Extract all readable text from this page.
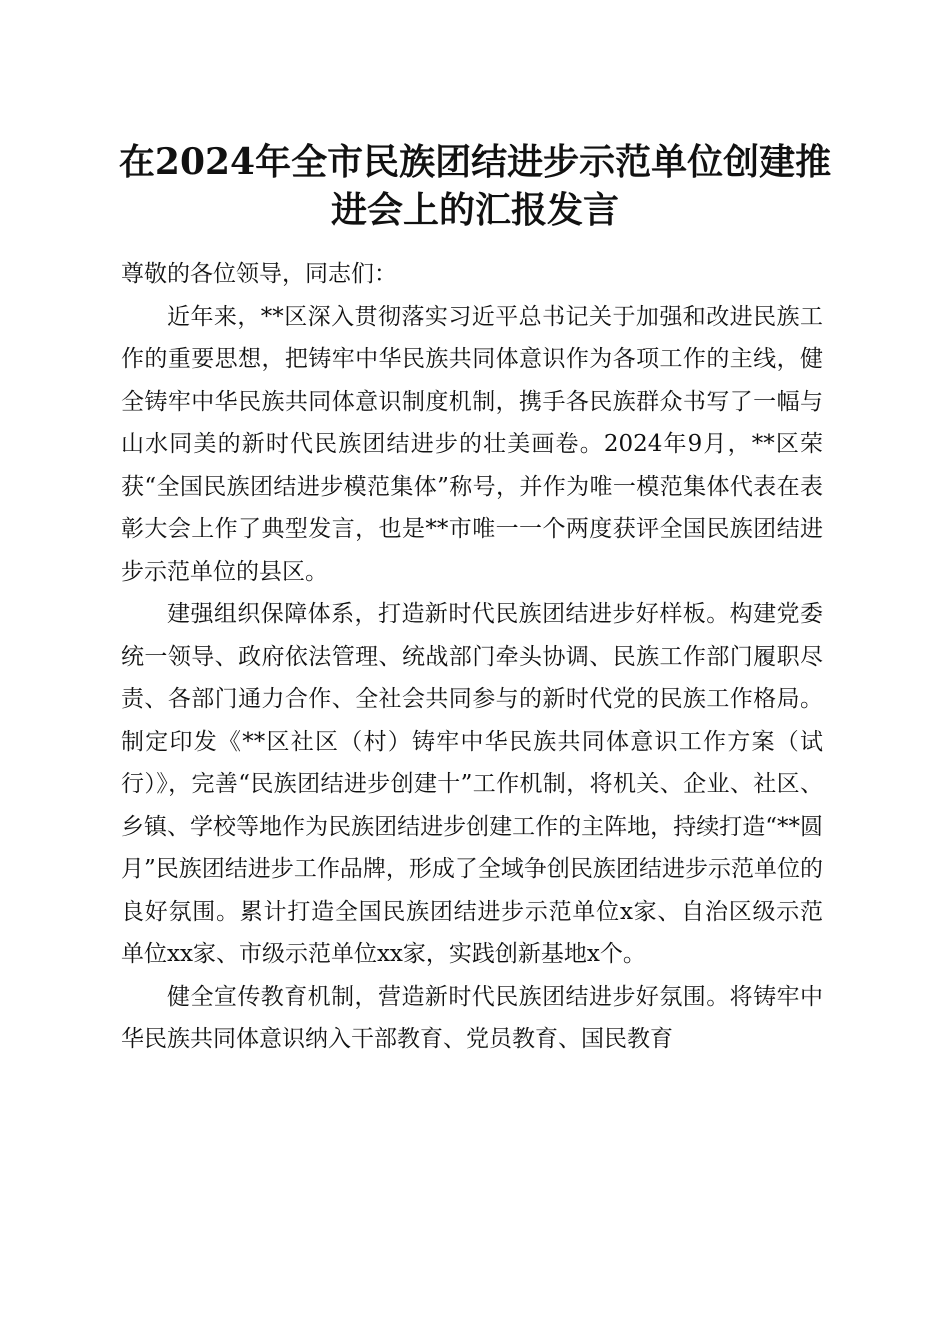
在2024年全市民族团结进步示范单位创建推
进会上的汇报发言

尊敬的各位领导，同志们：

近年来，**区深入贯彻落实习近平总书记关于加强和改进民族工作的重要思想，把铸牢中华民族共同体意识作为各项工作的主线，健全铸牢中华民族共同体意识制度机制，携手各民族群众书写了一幅与山水同美的新时代民族团结进步的壮美画卷。2024年9月，**区荣获“全国民族团结进步模范集体”称号，并作为唯一模范集体代表在表彰大会上作了典型发言，也是**市唯一一个两度获评全国民族团结进步示范单位的县区。

建强组织保障体系，打造新时代民族团结进步好样板。构建党委统一领导、政府依法管理、统战部门牵头协调、民族工作部门履职尽责、各部门通力合作、全社会共同参与的新时代党的民族工作格局。制定印发《**区社区（村）铸牢中华民族共同体意识工作方案（试行）》，完善“民族团结进步创建十”工作机制，将机关、企业、社区、乡镇、学校等地作为民族团结进步创建工作的主阵地，持续打造“**圆月”民族团结进步工作品牌，形成了全域争创民族团结进步示范单位的良好氛围。累计打造全国民族团结进步示范单位x家、自治区级示范单位xx家、市级示范单位xx家，实践创新基地x个。

健全宣传教育机制，营造新时代民族团结进步好氛围。将铸牢中华民族共同体意识纳入干部教育、党员教育、国民教育
